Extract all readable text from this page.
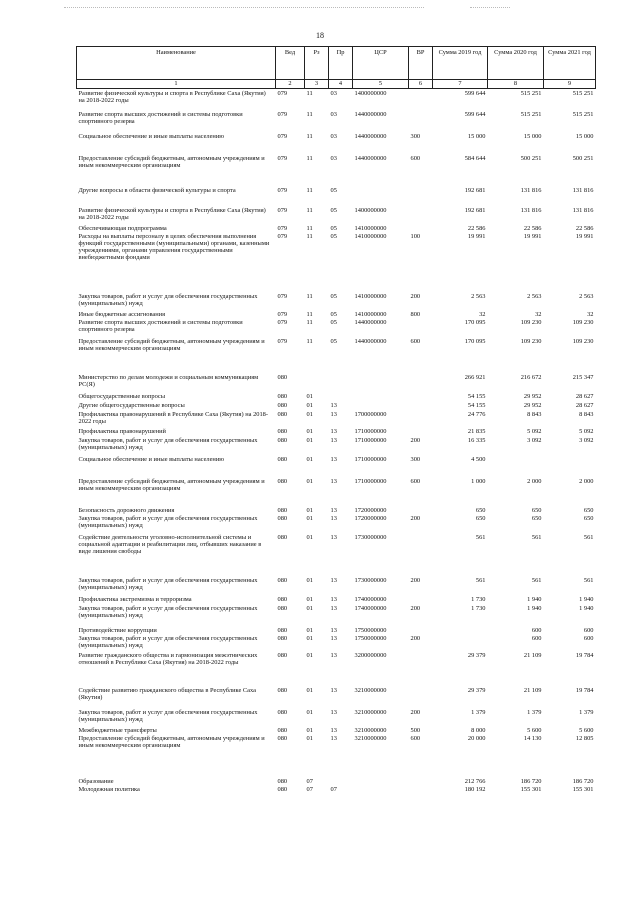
18
Наименование	Вед	Рз	Пр	ЦСР	ВР	Сумма 2019 год	Сумма 2020 год	Сумма 2021 год
1	2	3	4	5	6	7	8	9
Развитие физической культуры и спорта в Республике Саха (Якутия) на 2018-2022 годы	079	11	03	1400000000		599 644	515 251	515 251
Развитие спорта высших достижений и системы подготовки спортивного резерва	079	11	03	1440000000		599 644	515 251	515 251
Социальное обеспечение и иные выплаты населению	079	11	03	1440000000	300	15 000	15 000	15 000
Предоставление субсидий бюджетным, автономным учреждениям и иным некоммерческим организациям	079	11	03	1440000000	600	584 644	500 251	500 251
Другие вопросы в области физической культуры и спорта	079	11	05			192 681	131 816	131 816
Развитие физической культуры и спорта в Республике Саха (Якутия) на 2018-2022 годы	079	11	05	1400000000		192 681	131 816	131 816
Обеспечивающая подпрограмма	079	11	05	1410000000		22 586	22 586	22 586
Расходы на выплаты персоналу в целях обеспечения выполнения функций государственными (муниципальными) органами, казенными учреждениями, органами управления государственными внебюджетными фондами	079	11	05	1410000000	100	19 991	19 991	19 991
Закупка товаров, работ и услуг для обеспечения государственных (муниципальных) нужд	079	11	05	1410000000	200	2 563	2 563	2 563
Иные бюджетные ассигнования	079	11	05	1410000000	800	32	32	32
Развитие спорта высших достижений и системы подготовки спортивного резерва	079	11	05	1440000000		170 095	109 230	109 230
Предоставление субсидий бюджетным, автономным учреждениям и иным некоммерческим организациям	079	11	05	1440000000	600	170 095	109 230	109 230
Министерство по делам молодежи и социальным коммуникациям РС(Я)	080					266 921	216 672	215 347
Общегосударственные вопросы	080	01				54 155	29 952	28 627
Другие общегосударственные вопросы	080	01	13			54 155	29 952	28 627
Профилактика правонарушений в Республике Саха (Якутия) на 2018-2022 годы	080	01	13	1700000000		24 776	8 843	8 843
Профилактика правонарушений	080	01	13	1710000000		21 835	5 092	5 092
Закупка товаров, работ и услуг для обеспечения государственных (муниципальных) нужд	080	01	13	1710000000	200	16 335	3 092	3 092
Социальное обеспечение и иные выплаты населению	080	01	13	1710000000	300	4 500		
Предоставление субсидий бюджетным, автономным учреждениям и иным некоммерческим организациям	080	01	13	1710000000	600	1 000	2 000	2 000
Безопасность дорожного движения	080	01	13	1720000000		650	650	650
Закупка товаров, работ и услуг для обеспечения государственных (муниципальных) нужд	080	01	13	1720000000	200	650	650	650
Содействие деятельности уголовно-исполнительной системы и социальной адаптации и реабилитации лиц, отбывших наказание в виде лишения свободы	080	01	13	1730000000		561	561	561
Закупка товаров, работ и услуг для обеспечения государственных (муниципальных) нужд	080	01	13	1730000000	200	561	561	561
Профилактика экстремизма и терроризма	080	01	13	1740000000		1 730	1 940	1 940
Закупка товаров, работ и услуг для обеспечения государственных (муниципальных) нужд	080	01	13	1740000000	200	1 730	1 940	1 940
Противодействие коррупции	080	01	13	1750000000			600	600
Закупка товаров, работ и услуг для обеспечения государственных (муниципальных) нужд	080	01	13	1750000000	200		600	600
Развитие гражданского общества и гармонизация межэтнических отношений в Республике Саха (Якутия) на 2018-2022 годы	080	01	13	3200000000		29 379	21 109	19 784
Содействие развитию гражданского общества в Республике Саха (Якутия)	080	01	13	3210000000		29 379	21 109	19 784
Закупка товаров, работ и услуг для обеспечения государственных (муниципальных) нужд	080	01	13	3210000000	200	1 379	1 379	1 379
Межбюджетные трансферты	080	01	13	3210000000	500	8 000	5 600	5 600
Предоставление субсидий бюджетным, автономным учреждениям и иным некоммерческим организациям	080	01	13	3210000000	600	20 000	14 130	12 805
Образование	080	07				212 766	186 720	186 720
Молодежная политика	080	07	07			180 192	155 301	155 301
